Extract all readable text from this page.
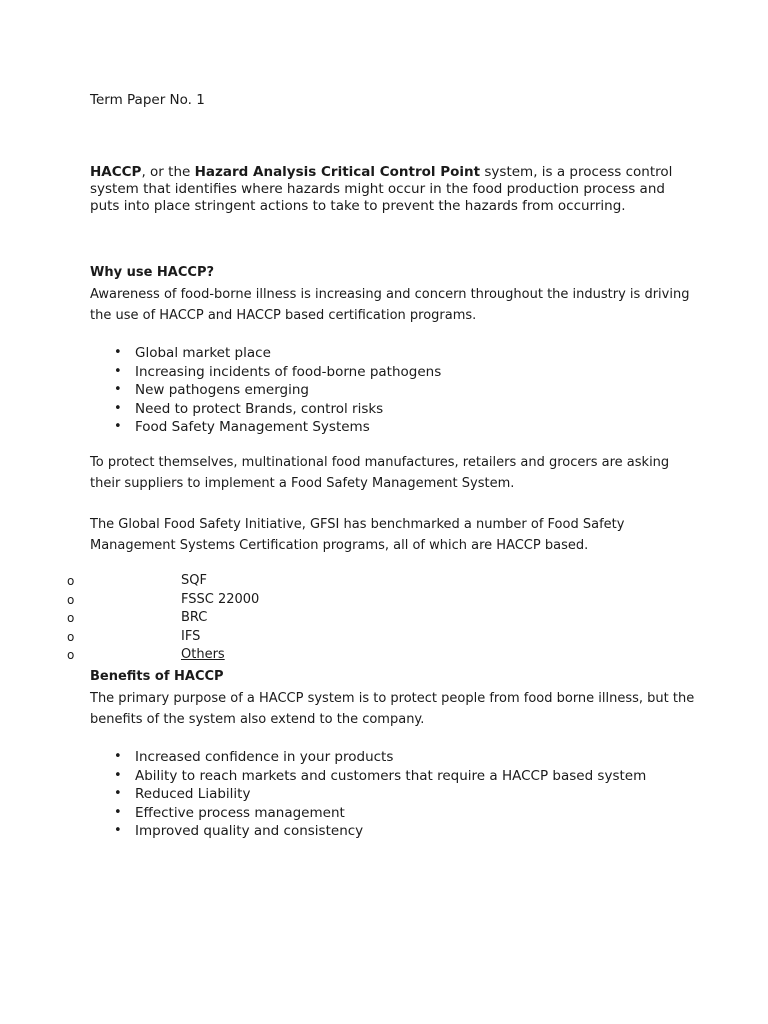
Term Paper No. 1
HACCP, or the Hazard Analysis Critical Control Point system, is a process control system that identifies where hazards might occur in the food production process and puts into place stringent actions to take to prevent the hazards from occurring.
Why use HACCP?
Awareness of food-borne illness is increasing and concern throughout the industry is driving the use of HACCP and HACCP based certification programs.
• Global market place
• Increasing incidents of food-borne pathogens
• New pathogens emerging
• Need to protect Brands, control risks
• Food Safety Management Systems
To protect themselves, multinational food manufactures, retailers and grocers are asking their suppliers to implement a Food Safety Management System.
The Global Food Safety Initiative, GFSI has benchmarked a number of Food Safety Management Systems Certification programs, all of which are HACCP based.
o	SQF
o	FSSC 22000
o	BRC
o	IFS
o	Others
Benefits of HACCP
The primary purpose of a HACCP system is to protect people from food borne illness, but the benefits of the system also extend to the company.
• Increased confidence in your products
• Ability to reach markets and customers that require a HACCP based system
• Reduced Liability
• Effective process management
• Improved quality and consistency
